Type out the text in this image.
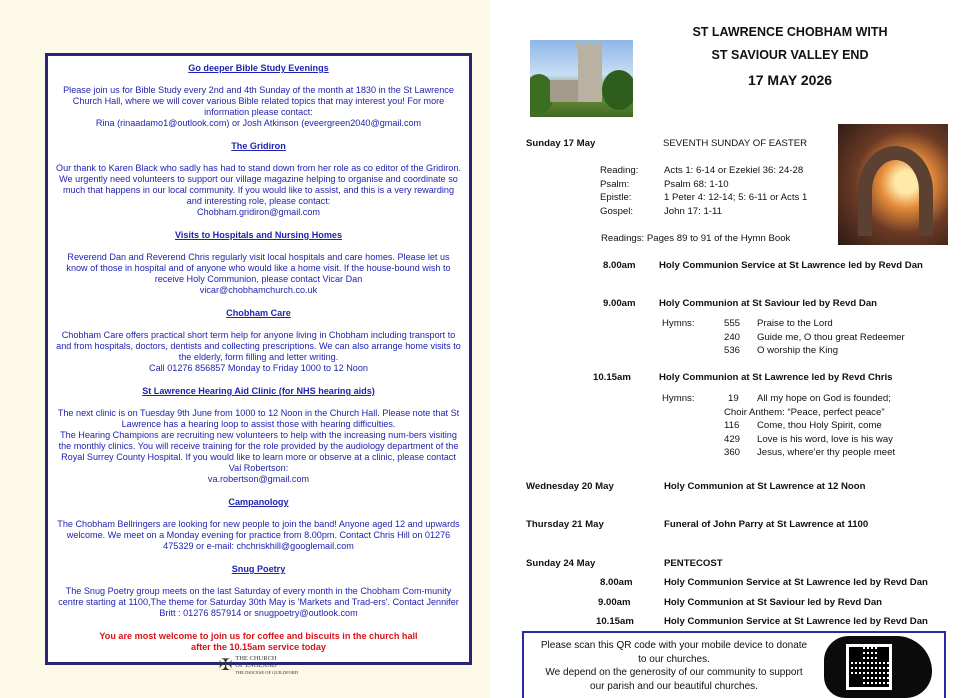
Go deeper Bible Study Evenings
Please join us for Bible Study every 2nd and 4th Sunday of the month at 1830 in the St Lawrence Church Hall, where we will cover various Bible related topics that may interest you! For more information please contact:
Rina (rinaadamo1@outlook.com) or Josh Atkinson (eveergreen2040@gmail.com
The Gridiron
Our thank to Karen Black who sadly has had to stand down from her role as co editor of the Gridiron. We urgently need volunteers to support our village magazine helping to organise and coordinate so much that happens in our local community. If you would like to assist, and this is a very rewarding and interesting role, please contact:
Chobham.gridiron@gmail.com
Visits to Hospitals and Nursing Homes
Reverend Dan and Reverend Chris regularly visit local hospitals and care homes. Please let us know of those in hospital and of anyone who would like a home visit. If the house-bound wish to receive Holy Communion, please contact Vicar Dan
vicar@chobhamchurch.co.uk
Chobham Care
Chobham Care offers practical short term help for anyone living in Chobham including transport to and from hospitals, doctors, dentists and collecting prescriptions. We can also arrange home visits to the elderly, form filling and letter writing.
Call 01276 856857 Monday to Friday 1000 to 12 Noon
St Lawrence Hearing Aid Clinic (for NHS hearing aids)
The next clinic is on Tuesday 9th June from 1000 to 12 Noon in the Church Hall. Please note that St Lawrence has a hearing loop to assist those with hearing difficulties.
The Hearing Champions are recruiting new volunteers to help with the increasing num-bers visiting the monthly clinics. You will receive training for the role provided by the audiology department of the Royal Surrey County Hospital. If you would like to learn more or observe at a clinic, please contact Val Robertson:
va.robertson@gmail.com
Campanology
The Chobham Bellringers are looking for new people to join the band! Anyone aged 12 and upwards welcome. We meet on a Monday evening for practice from 8.00pm. Contact Chris Hill on 01276 475329 or e-mail: chchriskhill@googlemail.com
Snug Poetry
The Snug Poetry group meets on the last Saturday of every month in the Chobham Com-munity centre starting at 1100,The theme for Saturday 30th May is 'Markets and Trad-ers'. Contact Jennifer Britt : 01276 857914 or snugpoetry@outlook.com
You are most welcome to join us for coffee and biscuits in the church hall
after the 10.15am service today
✠ THE CHURCH
OF ENGLAND
THE DIOCESE OF GUILDFORD
ST LAWRENCE CHOBHAM WITH
ST SAVIOUR VALLEY END
17 MAY 2026
Sunday 17 May	SEVENTH SUNDAY OF EASTER
Reading:	Acts 1: 6-14 or Ezekiel 36: 24-28
Psalm:	Psalm 68: 1-10
Epistle:	1 Peter 4: 12-14; 5: 6-11 or Acts 1
Gospel:	John 17: 1-11
Readings: Pages 89 to 91 of the Hymn Book
8.00am Holy Communion Service at St Lawrence led by Revd Dan
9.00am Holy Communion at St Saviour led by Revd Dan
Hymns:	555 Praise to the Lord
240 Guide me, O thou great Redeemer
536 O worship the King
10.15am	Holy Communion at St Lawrence led by Revd Chris
Hymns:	19 All my hope on God is founded;
Choir Anthem: “Peace, perfect peace”
116 Come, thou Holy Spirit, come
429 Love is his word, love is his way
360 Jesus, where’er thy people meet
Wednesday 20 May	Holy Communion at St Lawrence at 12 Noon
Thursday 21 May	Funeral of John Parry at St Lawrence at 1100
Sunday 24 May	PENTECOST
8.00am	Holy Communion Service at St Lawrence led by Revd Dan
9.00am	Holy Communion at St Saviour led by Revd Dan
10.15am	Holy Communion Service at St Lawrence led by Revd Dan
Please scan this QR code with your mobile device to donate
to our churches.
We depend on the generosity of our community to support
our parish and our beautiful churches.
